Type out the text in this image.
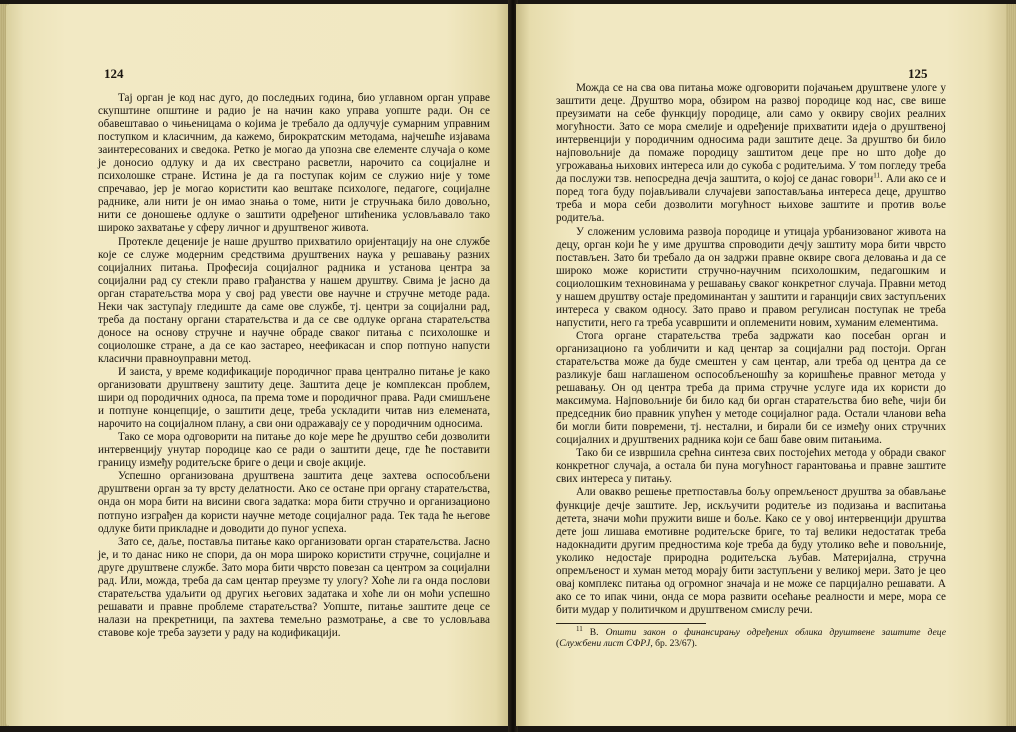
124

Тај орган је код нас дуго, до последњих година, био углавном орган управе скупштине општине и радио је на начин како управа уопште ради. Он се обавештавао о чињеницама о којима је требало да одлучује сумарним управним поступком и класичним, да кажемо, бирократским методама, најчешће изјавама заинтересованих и сведока. Ретко је могао да упозна све елементе случаја о коме је доносио одлуку и да их свестрано расветли, нарочито са социјалне и психолошке стране. Истина је да га поступак којим се служио није у томе спречавао, јер је могао користити као вештаке психологе, педагоге, социјалне раднике, али нити је он имао знања о томе, нити је стручњака било довољно, нити се доношење одлуке о заштити одређеног штићеника условљавало тако широко захватање у сферу личног и друштвеног живота.

Протекле деценије је наше друштво прихватило оријентацију на оне службе које се служе модерним средствима друштвених наука у решавању разних социјалних питања. Професија социјалног радника и установа центра за социјални рад су стекли право грађанства у нашем друштву. Свима је јасно да орган старатељства мора у свој рад увести ове научне и стручне методе рада. Неки чак заступају гледиште да саме ове службе, тј. центри за социјални рад, треба да постану органи старатељства и да се све одлуке органа старатељства доносе на основу стручне и научне обраде сваког питања с психолошке и социолошке стране, а да се као застарео, неефикасан и спор потпуно напусти класични правноуправни метод.

И заиста, у време кодификације породичног права централно питање је како организовати друштвену заштиту деце. Заштита деце је комплексан проблем, шири од породичних односа, па према томе и породичног права. Ради смишљене и потпуне концепције, о заштити деце, треба ускладити читав низ елемената, нарочито на социјалном плану, а сви они одражавају се у породичним односима.

Тако се мора одговорити на питање до које мере ће друштво себи дозволити интервенцију унутар породице као се ради о заштити деце, где ће поставити границу између родитељске бриге о деци и своје акције.

Успешно организована друштвена заштита деце захтева оспособљени друштвени орган за ту врсту делатности. Ако се остане при органу старатељства, онда он мора бити на висини свога задатка: мора бити стручно и организационо потпуно изграђен да користи научне методе социјалног рада. Тек тада ће његове одлуке бити прикладне и доводити до пуног успеха.

Зато се, даље, поставља питање како организовати орган старатељства. Јасно је, и то данас нико не спори, да он мора широко користити стручне, социјалне и друге друштвене службе. Зато мора бити чврсто повезан са центром за социјални рад. Или, можда, треба да сам центар преузме ту улогу? Хоће ли га онда послови старатељства удаљити од других његових задатака и хоће ли он моћи успешно решавати и правне проблеме старатељства? Уопште, питање заштите деце се налази на прекретници, па захтева темељно размотрање, а све то условљава ставове које треба заузети у раду на кодификацији.

125

Можда се на сва ова питања може одговорити појачањем друштвене улоге у заштити деце. Друштво мора, обзиром на развој породице код нас, све више преузимати на себе функцију породице, али само у оквиру својих реалних могућности. Зато се мора смелије и одређеније прихватити идеја о друштвеној интервенцији у породичним односима ради заштите деце. За друштво би било најповољније да помаже породицу заштитом деце пре но што дође до угрожавања њихових интереса или до сукоба с родитељима. У том погледу треба да послужи тзв. непосредна дечја заштита, о којој се данас говори$^{11}$. Али ако се и поред тога буду појављивали случајеви запостављања интереса деце, друштво треба и мора себи дозволити могућност њихове заштите и против воље родитеља.

У сложеним условима развоја породице и утицаја урбанизованог живота на децу, орган који ће у име друштва спроводити дечју заштиту мора бити чврсто постављен. Зато би требало да он задржи правне оквире свога деловања и да се широко може користити стручно-научним психолошким, педагошким и социолошким техновинама у решавању сваког конкретног случаја. Правни метод у нашем друштву остаје предоминантан у заштити и гаранцији свих заступљених интереса у сваком односу. Зато право и правом регулисан поступак не треба напустити, него га треба усавршити и оплеменити новим, хуманим елементима.

Стога органе старатељства треба задржати као посебан орган и организационо га уобличити и кад центар за социјални рад постоји. Орган старатељства може да буде смештен у сам центар, али треба од центра да се разликује баш наглашеном оспособљеношћу за коришћење правног метода у решавању. Он од центра треба да прима стручне услуге ида их користи до максимума. Најповољније би било кад би орган старатељства био веће, чији би председник био правник упућен у методе социјалног рада. Остали чланови већа би могли бити повремени, тј. нестални, и бирали би се између оних стручних социјалних и друштвених радника који се баш баве овим питањима.

Тако би се извршила срећна синтеза свих постојећих метода у обради сваког конкретног случаја, а остала би пуна могућност гарантовања и правне заштите свих интереса у питању.

Али овакво решење претпоставља бољу опремљеност друштва за обављање функције дечје заштите. Јер, искључити родитеље из подизања и васпитања детета, значи моћи пружити више и боље. Како се у овој интервенцији друштва дете још лишава емотивне родитељске бриге, то тај велики недостатак треба надокнадити другим предностима које треба да буду утолико веће и повољније, уколико недостаје природна родитељска љубав. Материјална, стручна опремљеност и хуман метод морају бити заступљени у великој мери. Зато је цео овај комплекс питања од огромног значаја и не може се парцијално решавати. А ако се то ипак чини, онда се мора развити осећање реалности и мере, мора се бити мудар у политичком и друштвеном смислу речи.

$^{11}$ В. Општи закон о финансирању одређених облика друштвене заштите деце (Службени лист СФРЈ, бр. 23/67).
